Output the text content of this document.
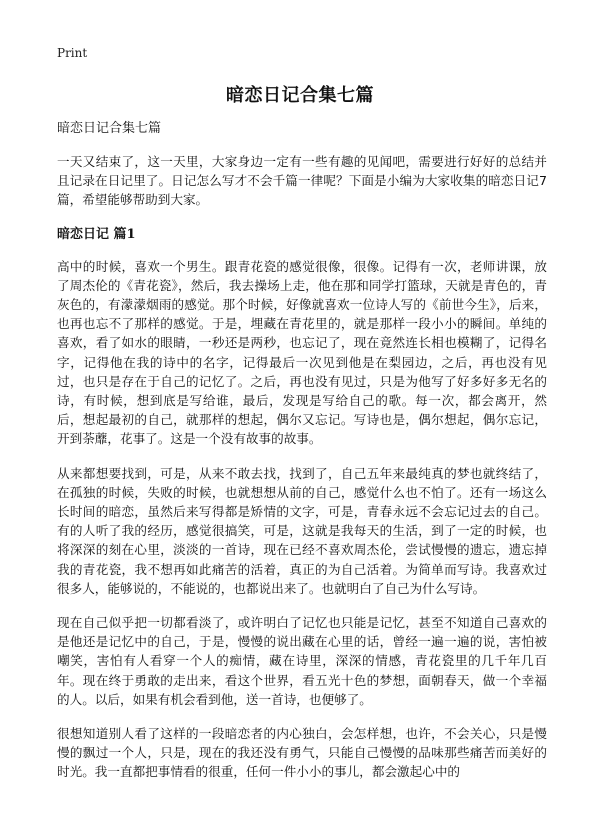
Print
暗恋日记合集七篇
暗恋日记合集七篇

一天又结束了，这一天里，大家身边一定有一些有趣的见闻吧，需要进行好好的总结并且记录在日记里了。日记怎么写才不会千篇一律呢？下面是小编为大家收集的暗恋日记7篇，希望能够帮助到大家。

暗恋日记 篇1

高中的时候，喜欢一个男生。跟青花瓷的感觉很像，很像。记得有一次，老师讲课，放了周杰伦的《青花瓷》，然后，我去操场上走，他在那和同学打篮球，天就是青色的，青灰色的，有濛濛烟雨的感觉。那个时候，好像就喜欢一位诗人写的《前世今生》，后来，也再也忘不了那样的感觉。于是，埋藏在青花里的，就是那样一段小小的瞬间。单纯的喜欢，看了如水的眼睛，一秒还是两秒，也忘记了，现在竟然连长相也模糊了，记得名字，记得他在我的诗中的名字，记得最后一次见到他是在梨园边，之后，再也没有见过，也只是存在于自己的记忆了。之后，再也没有见过，只是为他写了好多好多无名的诗，有时候，想到底是写给谁，最后，发现是写给自己的歌。每一次，都会离开，然后，想起最初的自己，就那样的想起，偶尔又忘记。写诗也是，偶尔想起，偶尔忘记，开到荼蘼，花事了。这是一个没有故事的故事。

从来都想要找到，可是，从来不敢去找，找到了，自己五年来最纯真的梦也就终结了，在孤独的时候，失败的时候，也就想想从前的自己，感觉什么也不怕了。还有一场这么长时间的暗恋，虽然后来写得都是矫情的文字，可是，青春永远不会忘记过去的自己。有的人听了我的经历，感觉很搞笑，可是，这就是我每天的生活，到了一定的时候，也将深深的刻在心里，淡淡的一首诗，现在已经不喜欢周杰伦，尝试慢慢的遗忘，遗忘掉我的青花瓷，我不想再如此痛苦的活着，真正的为自己活着。为简单而写诗。我喜欢过很多人，能够说的，不能说的，也都说出来了。也就明白了自己为什么写诗。

现在自己似乎把一切都看淡了，或许明白了记忆也只能是记忆，甚至不知道自己喜欢的是他还是记忆中的自己，于是，慢慢的说出藏在心里的话，曾经一遍一遍的说，害怕被嘲笑，害怕有人看穿一个人的痴情，藏在诗里，深深的情感，青花瓷里的几千年几百年。现在终于勇敢的走出来，看这个世界，看五光十色的梦想，面朝春天，做一个幸福的人。以后，如果有机会看到他，送一首诗，也便够了。

很想知道别人看了这样的一段暗恋者的内心独白，会怎样想，也许，不会关心，只是慢慢的飘过一个人，只是，现在的我还没有勇气，只能自己慢慢的品味那些痛苦而美好的时光。我一直都把事情看的很重，任何一件小小的事儿，都会激起心中的
